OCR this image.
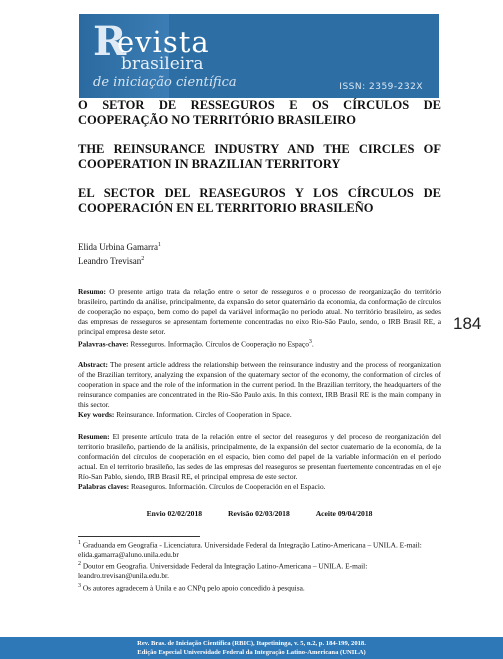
R
evista
brasileira
de iniciação científica	ISSN: 2359-232X
O SETOR DE RESSEGUROS E OS CÍRCULOS DE COOPERAÇÃO NO TERRITÓRIO BRASILEIRO
THE REINSURANCE INDUSTRY AND THE CIRCLES OF COOPERATION IN BRAZILIAN TERRITORY
EL SECTOR DEL REASEGUROS Y LOS CÍRCULOS DE COOPERACIÓN EN EL TERRITORIO BRASILEÑO
Elida Urbina Gamarra$^1$
Leandro Trevisan$^2$
184

Resumo: O presente artigo trata da relação entre o setor de resseguros e o processo de reorganização do território brasileiro, partindo da análise, principalmente, da expansão do setor quaternário da economia, da conformação de círculos de cooperação no espaço, bem como do papel da variável informação no período atual. No território brasileiro, as sedes das empresas de resseguros se apresentam fortemente concentradas no eixo Rio-São Paulo, sendo, o IRB Brasil RE, a principal empresa deste setor.
Palavras-chave: Resseguros. Informação. Círculos de Cooperação no Espaço$^3$.

Abstract: The present article address the relationship between the reinsurance industry and the process of reorganization of the Brazilian territory, analyzing the expansion of the quaternary sector of the economy, the conformation of circles of cooperation in space and the role of the information in the current period. In the Brazilian territory, the headquarters of the reinsurance companies are concentrated in the Rio-São Paulo axis. In this context, IRB Brasil RE is the main company in this sector.
Key words: Reinsurance. Information. Circles of Cooperation in Space.

Resumen: El presente artículo trata de la relación entre el sector del reaseguros y del proceso de reorganización del territorio brasileño, partiendo de la análisis, principalmente, de la expansión del sector cuaternario de la economía, de la conformación del círculos de cooperación en el espacio, bien como del papel de la variable información en el período actual. En el territorio brasileño, las sedes de las empresas del reaseguros se presentan fuertemente concentradas en el eje Río-San Pablo, siendo, IRB Brasil RE, el principal empresa de este sector.
Palabras claves: Reaseguros. Información. Círculos de Cooperación en el Espacio.

Envio 02/02/2018	Revisão 02/03/2018	Aceite 09/04/2018
$^1$ Graduanda em Geografia - Licenciatura. Universidade Federal da Integração Latino-Americana – UNILA. E-mail: elida.gamarra@aluno.unila.edu.br
$^2$ Doutor em Geografia. Universidade Federal da Integração Latino-Americana – UNILA. E-mail: leandro.trevisan@unila.edu.br.
$^3$ Os autores agradecem à Unila e ao CNPq pelo apoio concedido à pesquisa.
Rev. Bras. de Iniciação Científica (RBIC), Itapetininga, v. 5, n.2, p. 184-199, 2018.
Edição Especial Universidade Federal da Integração Latino-Americana (UNILA)
